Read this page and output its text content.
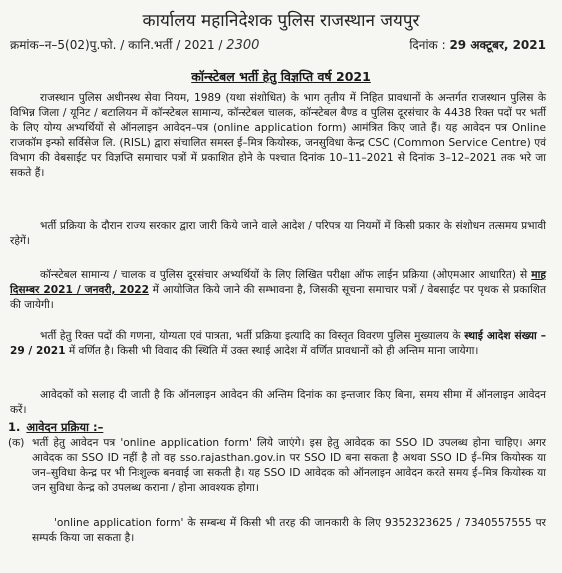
कार्यालय महानिदेशक पुलिस राजस्थान जयपुर
क्रमांक–न–5(02)पु.फो. / कानि.भर्ती / 2021 / 2300	दिनांक : 29 अक्टूबर, 2021
कॉन्स्टेबल भर्ती हेतु विज्ञप्ति वर्ष 2021
राजस्थान पुलिस अधीनस्थ सेवा नियम, 1989 (यथा संशोधित) के भाग तृतीय में निहित प्रावधानों के अन्तर्गत राजस्थान पुलिस के विभिन्न जिला / यूनिट / बटालियन में कॉन्स्टेबल सामान्य, कॉन्स्टेबल चालक, कॉन्स्टेबल बैण्ड व पुलिस दूरसंचार के 4438 रिक्त पदों पर भर्ती के लिए योग्य अभ्यर्थियों से ऑनलाइन आवेदन–पत्र (online application form) आमंत्रित किए जाते हैं। यह आवेदन पत्र Online राजकॉम इन्फो सर्विसेज लि. (RISL) द्वारा संचालित समस्त ई–मित्र कियोस्क, जनसुविधा केन्द्र CSC (Common Service Centre) एवं विभाग की वेबसाईट पर विज्ञप्ति समाचार पत्रों में प्रकाशित होने के पश्चात दिनांक 10–11–2021 से दिनांक 3–12–2021 तक भरे जा सकते हैं।
भर्ती प्रक्रिया के दौरान राज्य सरकार द्वारा जारी किये जाने वाले आदेश / परिपत्र या नियमों में किसी प्रकार के संशोधन तत्समय प्रभावी रहेगें।
कॉन्स्टेबल सामान्य / चालक व पुलिस दूरसंचार अभ्यर्थियों के लिए लिखित परीक्षा ऑफ लाईन प्रक्रिया (ओएमआर आधारित) से माह दिसम्बर 2021 / जनवरी, 2022 में आयोजित किये जाने की सम्भावना है, जिसकी सूचना समाचार पत्रों / वेबसाईट पर पृथक से प्रकाशित की जायेगी।
भर्ती हेतु रिक्त पदों की गणना, योग्यता एवं पात्रता, भर्ती प्रक्रिया इत्यादि का विस्तृत विवरण पुलिस मुख्यालय के स्थाई आदेश संख्या – 29 / 2021 में वर्णित है। किसी भी विवाद की स्थिति में उक्त स्थाई आदेश में वर्णित प्रावधानों को ही अन्तिम माना जायेगा।
आवेदकों को सलाह दी जाती है कि ऑनलाइन आवेदन की अन्तिम दिनांक का इन्तजार किए बिना, समय सीमा में ऑनलाइन आवेदन करें।
1. आवेदन प्रक्रिया :–
(क) भर्ती हेतु आवेदन पत्र 'online application form' लिये जाएंगे। इस हेतु आवेदक का SSO ID उपलब्ध होना चाहिए। अगर आवेदक का SSO ID नहीं है तो वह sso.rajasthan.gov.in पर SSO ID बना सकता है अथवा SSO ID ई–मित्र कियोस्क या जन–सुविधा केन्द्र पर भी निःशुल्क बनवाई जा सकती है। यह SSO ID आवेदक को ऑनलाइन आवेदन करते समय ई–मित्र कियोस्क या जन सुविधा केन्द्र को उपलब्ध कराना / होना आवश्यक होगा।
'online application form' के सम्बन्ध में किसी भी तरह की जानकारी के लिए 9352323625 / 7340557555 पर सम्पर्क किया जा सकता है।
